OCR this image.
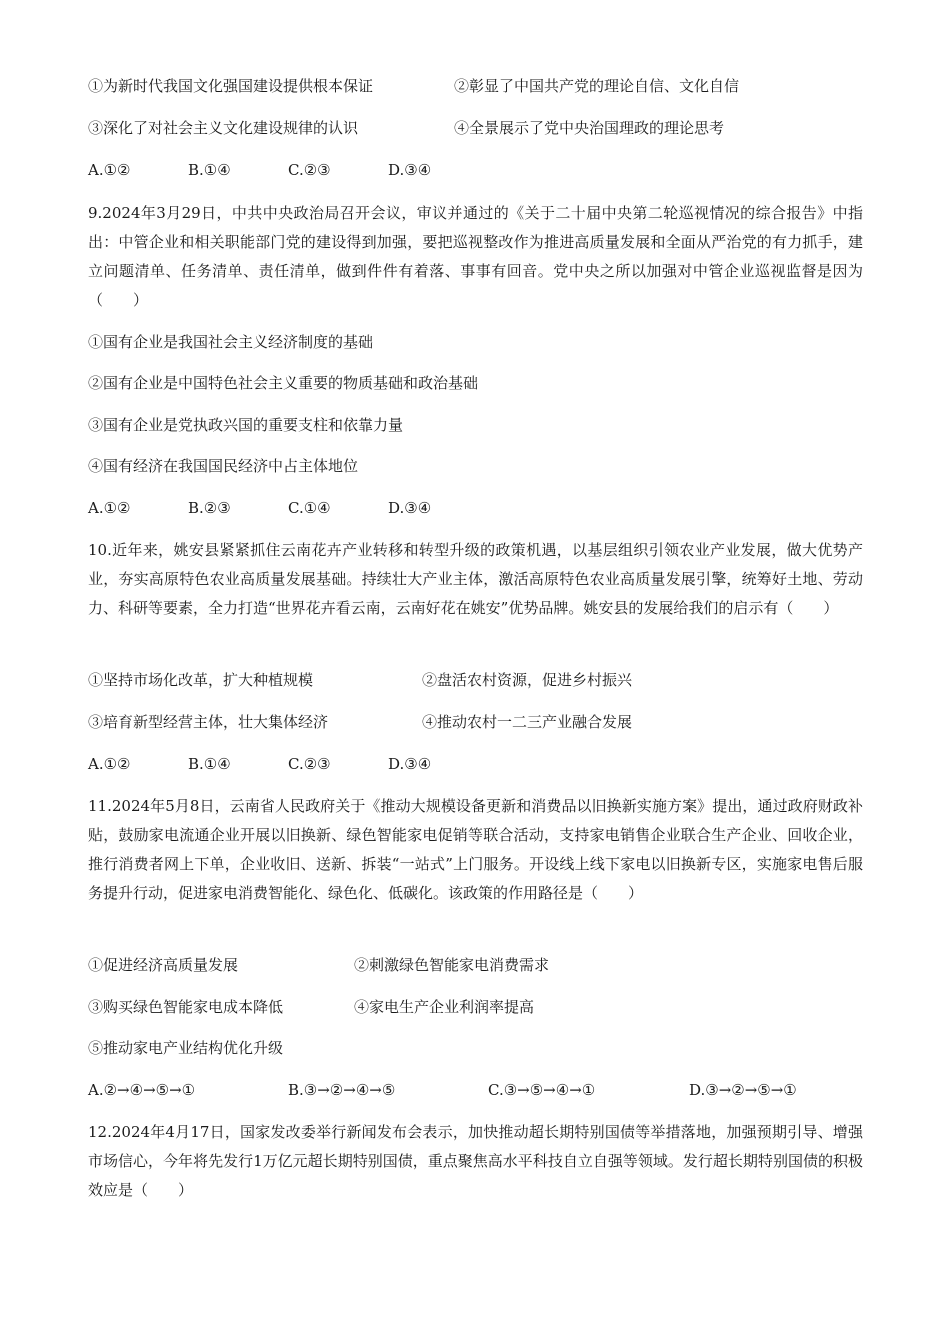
①为新时代我国文化强国建设提供根本保证	②彰显了中国共产党的理论自信、文化自信
③深化了对社会主义文化建设规律的认识	④全景展示了党中央治国理政的理论思考
A.①②	B.①④	C.②③	D.③④
9.2024年3月29日，中共中央政治局召开会议，审议并通过的《关于二十届中央第二轮巡视情况的综合报告》中指出：中管企业和相关职能部门党的建设得到加强，要把巡视整改作为推进高质量发展和全面从严治党的有力抓手，建立问题清单、任务清单、责任清单，做到件件有着落、事事有回音。党中央之所以加强对中管企业巡视监督是因为（　　）
①国有企业是我国社会主义经济制度的基础
②国有企业是中国特色社会主义重要的物质基础和政治基础
③国有企业是党执政兴国的重要支柱和依靠力量
④国有经济在我国国民经济中占主体地位
A.①②	B.②③	C.①④	D.③④
10.近年来，姚安县紧紧抓住云南花卉产业转移和转型升级的政策机遇，以基层组织引领农业产业发展，做大优势产业，夯实高原特色农业高质量发展基础。持续壮大产业主体，激活高原特色农业高质量发展引擎，统筹好土地、劳动力、科研等要素，全力打造“世界花卉看云南，云南好花在姚安”优势品牌。姚安县的发展给我们的启示有（　　）
①坚持市场化改革，扩大种植规模	②盘活农村资源，促进乡村振兴
③培育新型经营主体，壮大集体经济	④推动农村一二三产业融合发展
A.①②	B.①④	C.②③	D.③④
11.2024年5月8日，云南省人民政府关于《推动大规模设备更新和消费品以旧换新实施方案》提出，通过政府财政补贴，鼓励家电流通企业开展以旧换新、绿色智能家电促销等联合活动，支持家电销售企业联合生产企业、回收企业，推行消费者网上下单，企业收旧、送新、拆装“一站式”上门服务。开设线上线下家电以旧换新专区，实施家电售后服务提升行动，促进家电消费智能化、绿色化、低碳化。该政策的作用路径是（　　）
①促进经济高质量发展	②刺激绿色智能家电消费需求
③购买绿色智能家电成本降低	④家电生产企业利润率提高
⑤推动家电产业结构优化升级
A.②→④→⑤→①	B.③→②→④→⑤	C.③→⑤→④→①	D.③→②→⑤→①
12.2024年4月17日，国家发改委举行新闻发布会表示，加快推动超长期特别国债等举措落地，加强预期引导、增强市场信心，今年将先发行1万亿元超长期特别国债，重点聚焦高水平科技自立自强等领域。发行超长期特别国债的积极效应是（　　）
